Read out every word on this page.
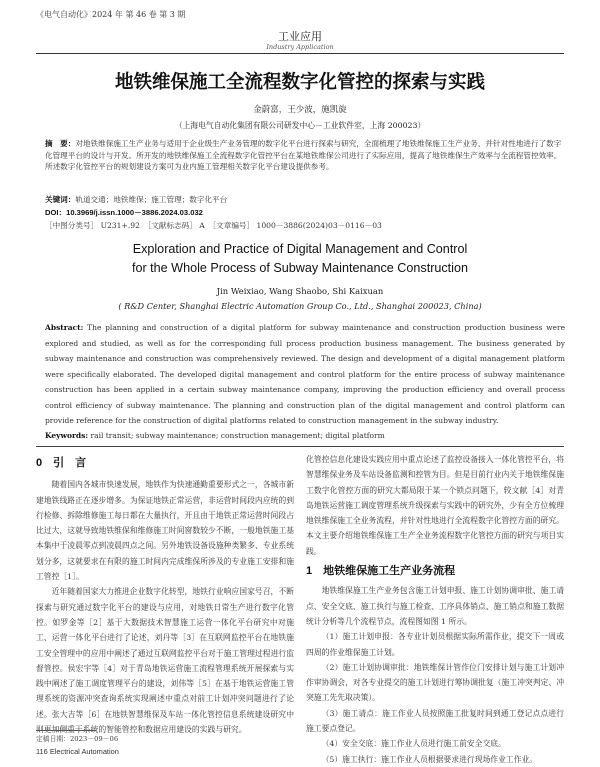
《电气自动化》2024 年 第 46 卷 第 3 期
工业应用
Industry Application
地铁维保施工全流程数字化管控的探索与实践
金蔚富，王少波，施凯旋
（上海电气自动化集团有限公司研发中心－工业软件室，上海 200023）
摘　要：对地铁维保施工生产业务与适用于企业级生产业务管理的数字化平台进行探索与研究，全面梳理了地铁维保施工生产业务，并针对性地进行了数字化管理平台的设计与开发。所开发的地铁维保施工全流程数字化管控平台在某地铁维保公司进行了实际应用，提高了地铁维保生产效率与全流程管控效率。所述数字化管控平台的规划建设方案可为业内施工管理相关数字化平台建设提供参考。
关键词：轨道交通；地铁维保；施工管理；数字化平台
DOI：10.3969/j.issn.1000－3886.2024.03.032
［中图分类号］ U231+.92　［文献标志码］ A　［文章编号］ 1000－3886(2024)03－0116－03
Exploration and Practice of Digital Management and Control
for the Whole Process of Subway Maintenance Construction
Jin Weixiao, Wang Shaobo, Shi Kaixuan
( R&D Center, Shanghai Electric Automation Group Co., Ltd., Shanghai 200023, China)
Abstract: The planning and construction of a digital platform for subway maintenance and construction production business were explored and studied, as well as for the corresponding full process production business management. The business generated by subway maintenance and construction was comprehensively reviewed. The design and development of a digital management platform were specifically elaborated. The developed digital management and control platform for the entire process of subway maintenance construction has been applied in a certain subway maintenance company, improving the production efficiency and overall process control efficiency of subway maintenance. The planning and construction plan of the digital management and control platform can provide reference for the construction of digital platforms related to construction management in the subway industry.
Keywords: rail transit; subway maintenance; construction management; digital platform
0　引　言

随着国内各城市快速发展，地铁作为快速通勤重要形式之一，各城市新建地铁线路正在逐步增多。为保证地铁正常运营，非运营时间段内应统的到行检修、拆除维修施工每日都在大量执行，开且由于地铁正常运营时间段占比过大，这就导致地铁维保和维修施工时间窗数较少不断，一般地铁施工基本集中于凌晨零点到凌晨四点之间。另外地铁设备设施种类繁多、专业系统划分多，这就要求在有限的施工时间内完成维保所涉及的专业施工安排和施工管控［1］。

近年随着国家大力推进企业数字化转型，地铁行业响应国家号召，不断探索与研究通过数字化平台的建设与应用，对地铁日常生产进行数字化管控。如罗金等［2］基于大数据技术智慧施工运营一体化平台研究中对施工、运营一体化平台进行了论述，刘丹等［3］在互联网监控平台在地铁施工安全管理中的应用中阐述了通过互联网监控平台对于施工管理过程进行监督管控。侯宏宇等［4］对于青岛地铁运营施工流程管理系统开展探索与实践中阐述了施工调度管理平台的建设，刘伟等［5］在基于地铁运营施工管理系统的资源冲突查询系统实现阐述中重点对前工计划冲突问题进行了论述。张大吉等［6］在地铁智慧维保及车站一体化管控信息系统建设研究中则更加侧重于系统的智能管控和数据应用建设的实践与研究。

化管控信息化建设实践应用中重点论述了监控设备接入一体化管控平台，将智慧维保业务及车站设备监测和控管为目。但是目前行业内关于地铁维保施工数字化管控方面的研究大都局限于某一个锁点问题下，较文献［4］对青岛地铁运营施工调度管理系统升级探索与实践中的研究外，少有全方位梳理地铁维保施工全业务流程，并针对性地进行全流程数字化管控方面的研究。本文主要介绍地铁维保施工生产全业务流程数字化管控方面的研究与项目实践。

1　地铁维保施工生产业务流程

地铁维保施工生产业务包含施工计划申报、施工计划协调审批、施工请点、安全交底、施工执行与施工检查、工序具体销点、施工销点和施工数据统计分析等几个流程节点，流程图如图 1 所示。

（1）施工计划申报：各专业计划员根据实际所需作业，提交下一周或四周的作业维保施工计划。

（2）施工计划协调审批：地铁维保计管作位门安排计划与施工计划冲作审协调会，对各专业提交的施工计划进行筹协调批复（施工冲突判定、冲突施工先先取决策）。

（3）施工请点：施工作业人员按照施工批复时间到通工登记点点进行施工要点登记。

（4）安全交底：施工作业人员进行施工前安全交底。

（5）施工执行：施工作业人员根据要求进行现场作业工作业。

定稿日期：2023－09－06
116 Electrical Automation
